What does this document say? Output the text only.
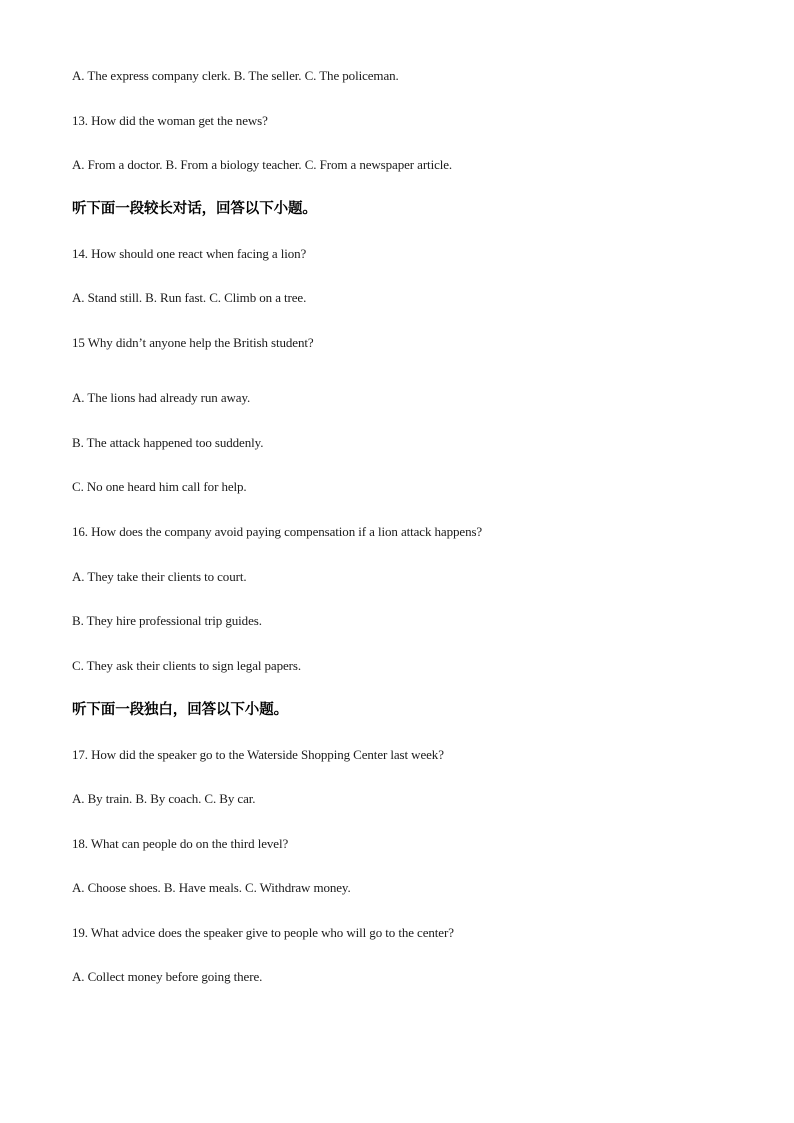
A. The express company clerk. B. The seller. C. The policeman.
13. How did the woman get the news?
A. From a doctor. B. From a biology teacher. C. From a newspaper article.
听下面一段较长对话，回答以下小题。
14. How should one react when facing a lion?
A. Stand still. B. Run fast. C. Climb on a tree.
15 Why didn’t anyone help the British student?
A. The lions had already run away.
B. The attack happened too suddenly.
C. No one heard him call for help.
16. How does the company avoid paying compensation if a lion attack happens?
A. They take their clients to court.
B. They hire professional trip guides.
C. They ask their clients to sign legal papers.
听下面一段独白，回答以下小题。
17. How did the speaker go to the Waterside Shopping Center last week?
A. By train. B. By coach. C. By car.
18. What can people do on the third level?
A. Choose shoes. B. Have meals. C. Withdraw money.
19. What advice does the speaker give to people who will go to the center?
A. Collect money before going there.
